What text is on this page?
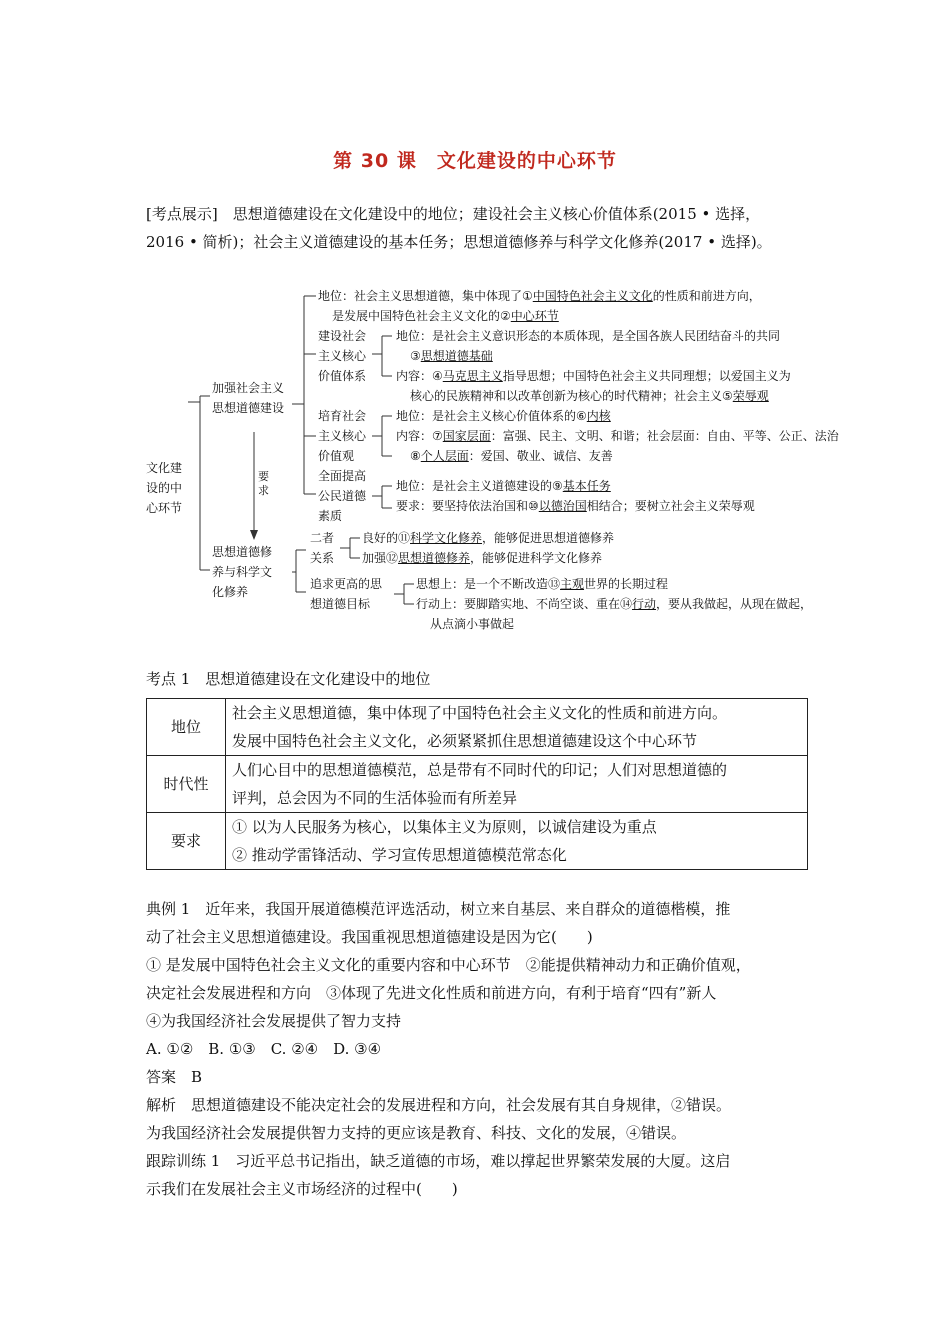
第 30 课　文化建设的中心环节

[考点展示]　思想道德建设在文化建设中的地位；建设社会主义核心价值体系(2015 • 选择，

2016 • 简析)；社会主义道德建设的基本任务；思想道德修养与科学文化修养(2017 • 选择)。

文化建
设的中
心环节
加强社会主义
思想道德建设
思想道德修
养与科学文
化修养
要
求
地位：社会主义思想道德，集中体现了①中国特色社会主义文化的性质和前进方向，
是发展中国特色社会主义文化的②中心环节
建设社会
主义核心
价值体系
地位：是社会主义意识形态的本质体现，是全国各族人民团结奋斗的共同
③思想道德基础
内容：④马克思主义指导思想；中国特色社会主义共同理想；以爱国主义为
核心的民族精神和以改革创新为核心的时代精神；社会主义⑤荣辱观
培育社会
主义核心
价值观
地位：是社会主义核心价值体系的⑥内核
内容：⑦国家层面：富强、民主、文明、和谐；社会层面：自由、平等、公正、法治
⑧个人层面：爱国、敬业、诚信、友善
全面提高
公民道德
素质
地位：是社会主义道德建设的⑨基本任务
要求：要坚持依法治国和⑩以德治国相结合；要树立社会主义荣辱观
二者
关系
良好的⑪科学文化修养，能够促进思想道德修养
加强⑫思想道德修养，能够促进科学文化修养
追求更高的思
想道德目标
思想上：是一个不断改造⑬主观世界的长期过程
行动上：要脚踏实地、不尚空谈、重在⑭行动，要从我做起，从现在做起，
从点滴小事做起
考点 1　思想道德建设在文化建设中的地位
地位	社会主义思想道德，集中体现了中国特色社会主义文化的性质和前进方向。
发展中国特色社会主义文化，必须紧紧抓住思想道德建设这个中心环节

时代性	人们心目中的思想道德模范，总是带有不同时代的印记；人们对思想道德的
评判，总会因为不同的生活体验而有所差异

要求	① 以为人民服务为核心，以集体主义为原则，以诚信建设为重点
② 推动学雷锋活动、学习宣传思想道德模范常态化

典例 1　近年来，我国开展道德模范评选活动，树立来自基层、来自群众的道德楷模，推

动了社会主义思想道德建设。我国重视思想道德建设是因为它(　　)

① 是发展中国特色社会主义文化的重要内容和中心环节　②能提供精神动力和正确价值观，

决定社会发展进程和方向　③体现了先进文化性质和前进方向，有利于培育“四有”新人

④为我国经济社会发展提供了智力支持

A. ①②　B. ①③　C. ②④　D. ③④

答案　B

解析　思想道德建设不能决定社会的发展进程和方向，社会发展有其自身规律，②错误。

为我国经济社会发展提供智力支持的更应该是教育、科技、文化的发展，④错误。

跟踪训练 1　习近平总书记指出，缺乏道德的市场，难以撑起世界繁荣发展的大厦。这启

示我们在发展社会主义市场经济的过程中(　　)
